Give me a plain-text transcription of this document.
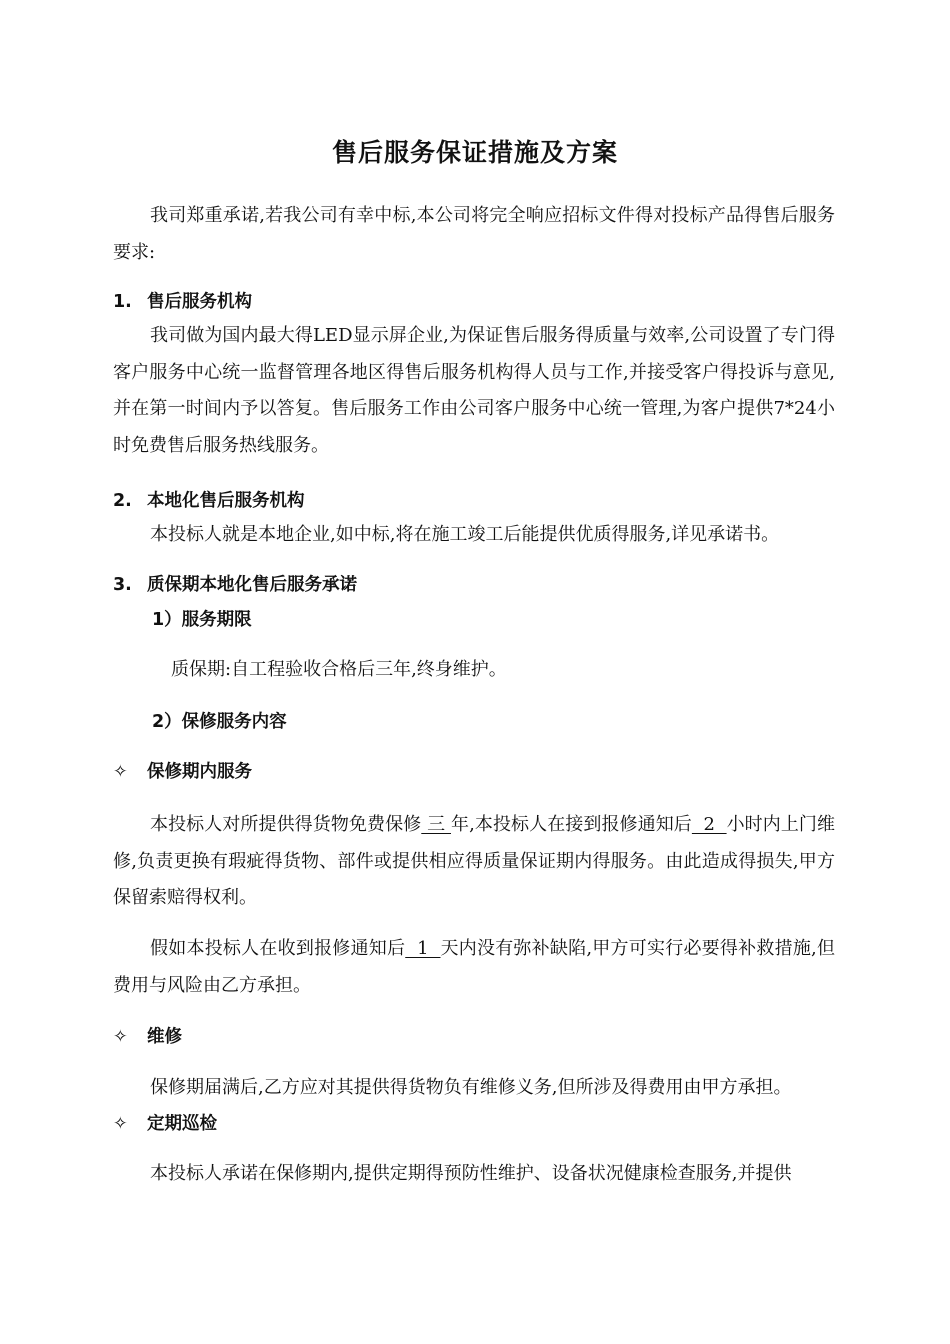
售后服务保证措施及方案

我司郑重承诺,若我公司有幸中标,本公司将完全响应招标文件得对投标产品得售后服务要求:

1. 售后服务机构

我司做为国内最大得LED显示屏企业,为保证售后服务得质量与效率,公司设置了专门得客户服务中心统一监督管理各地区得售后服务机构得人员与工作,并接受客户得投诉与意见,并在第一时间内予以答复。售后服务工作由公司客户服务中心统一管理,为客户提供7*24小时免费售后服务热线服务。

2. 本地化售后服务机构

本投标人就是本地企业,如中标,将在施工竣工后能提供优质得服务,详见承诺书。

3. 质保期本地化售后服务承诺
1）服务期限

质保期:自工程验收合格后三年,终身维护。

2）保修服务内容
✧ 保修期内服务

本投标人对所提供得货物免费保修 三 年,本投标人在接到报修通知后  2  小时内上门维修,负责更换有瑕疵得货物、部件或提供相应得质量保证期内得服务。由此造成得损失,甲方保留索赔得权利。

假如本投标人在收到报修通知后  1  天内没有弥补缺陷,甲方可实行必要得补救措施,但费用与风险由乙方承担。

✧ 维修

保修期届满后,乙方应对其提供得货物负有维修义务,但所涉及得费用由甲方承担。

✧ 定期巡检

本投标人承诺在保修期内,提供定期得预防性维护、设备状况健康检查服务,并提供
